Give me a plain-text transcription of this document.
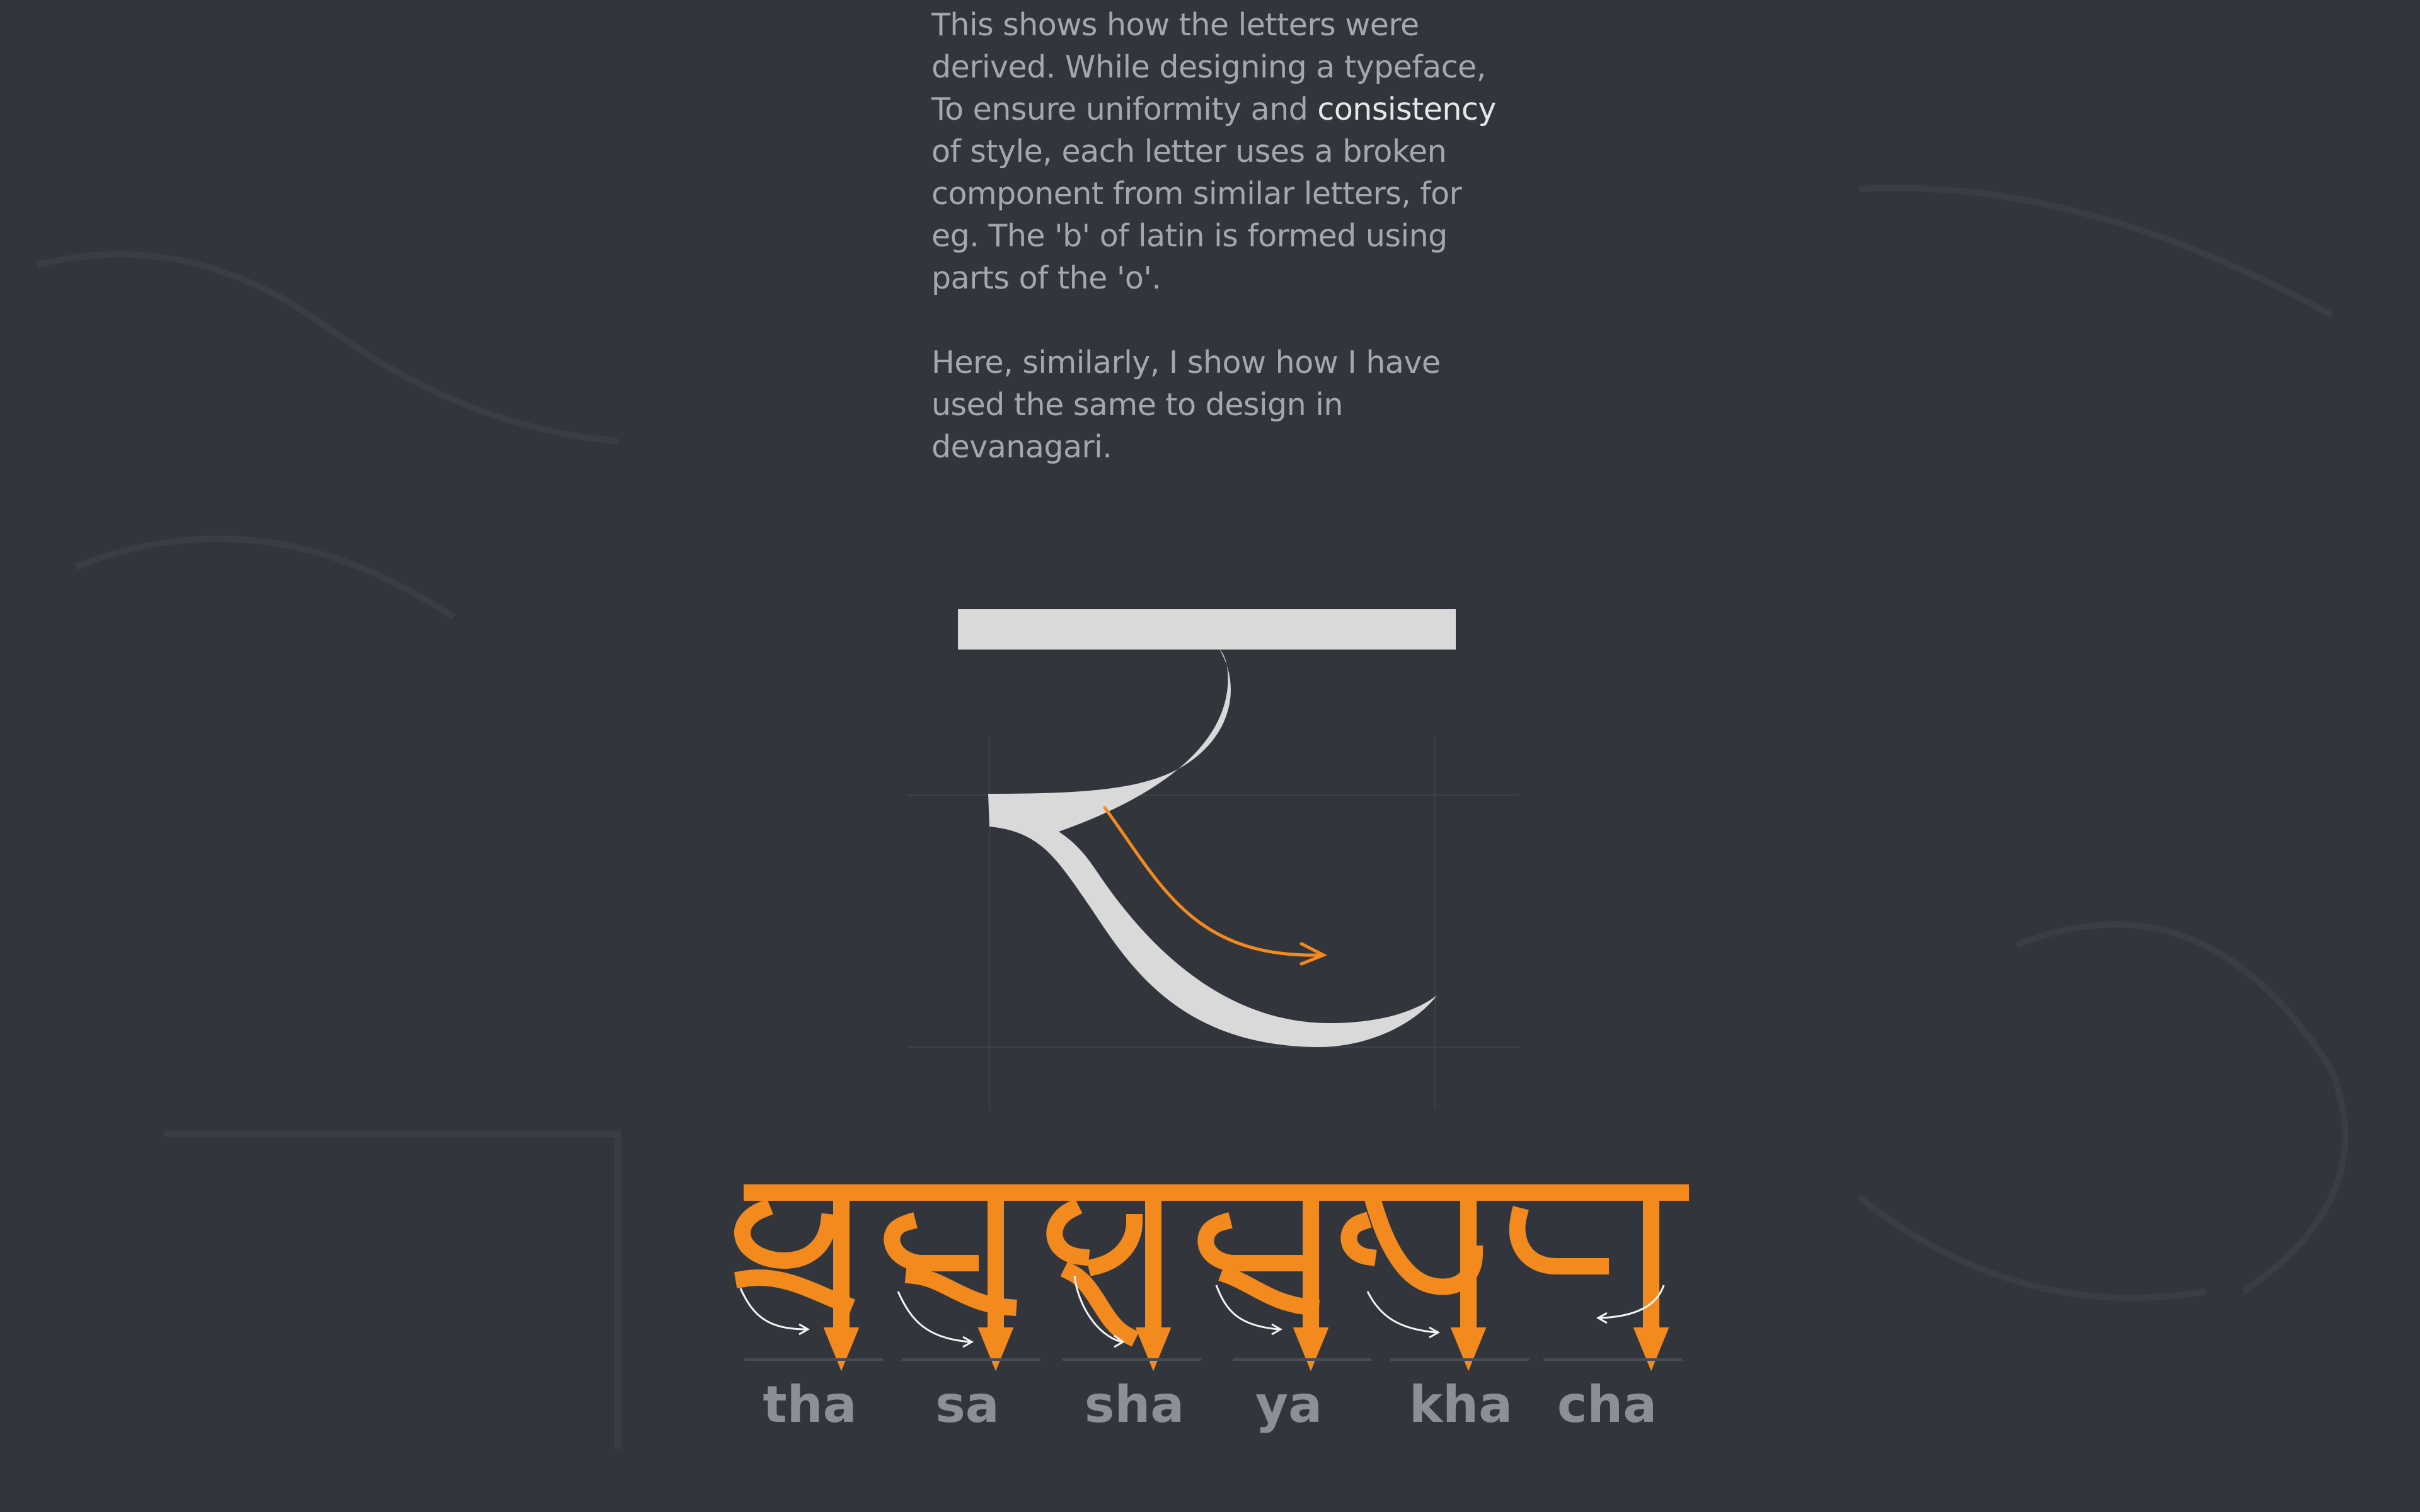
This shows how the letters were derived. While designing a typeface, To ensure uniformity and consistency of style, each letter uses a broken component from similar letters, for eg. The 'b' of latin is formed using parts of the 'o'.

Here, similarly, I show how I have used the same to design in devanagari.

tha	sa	sha	ya	kha cha
